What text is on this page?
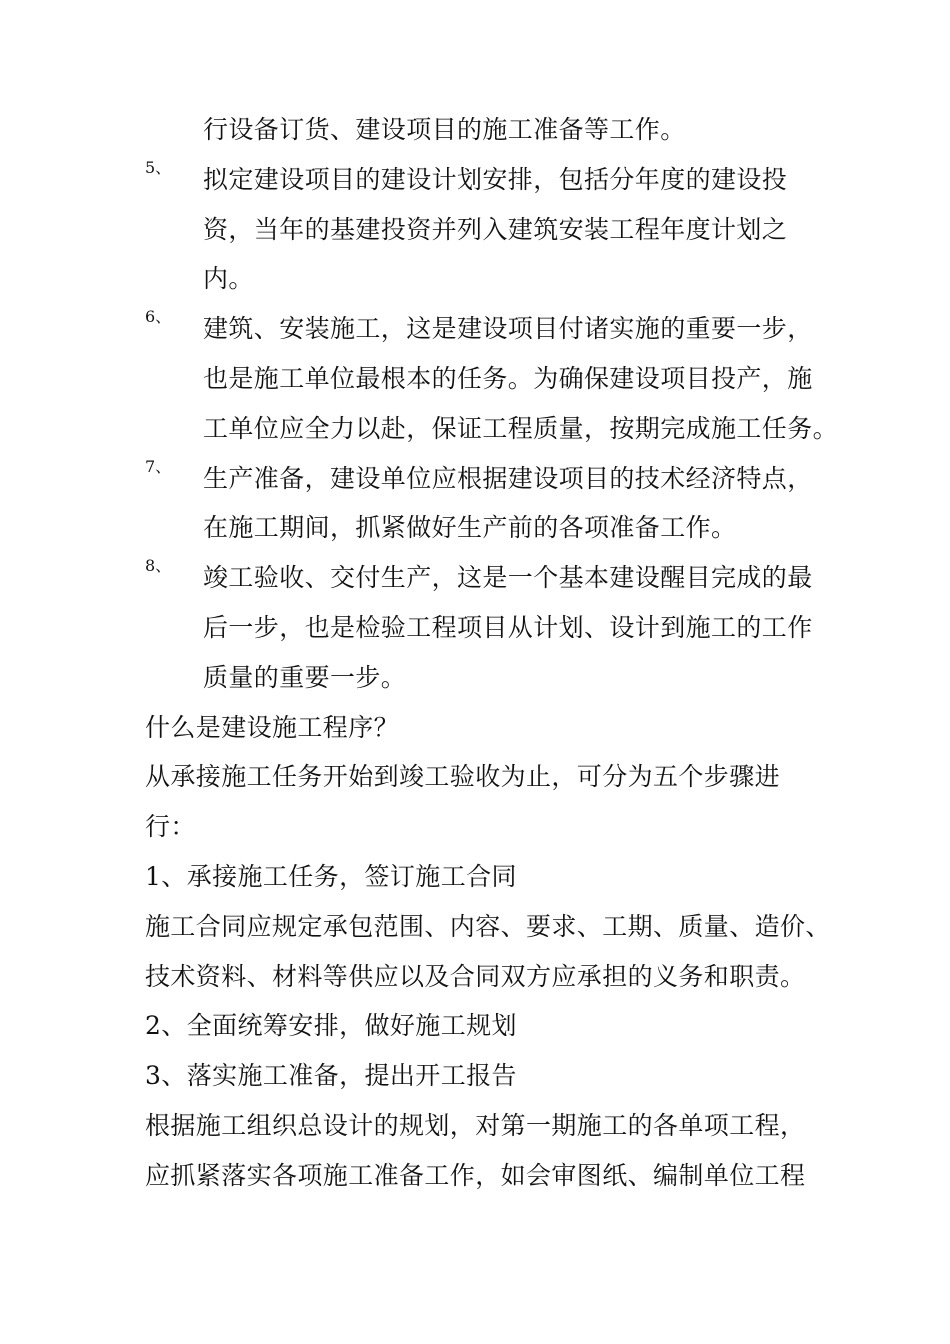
行设备订货、建设项目的施工准备等工作。
5、	拟定建设项目的建设计划安排，包括分年度的建设投
资，当年的基建投资并列入建筑安装工程年度计划之
内。
6、	建筑、安装施工，这是建设项目付诸实施的重要一步，
也是施工单位最根本的任务。为确保建设项目投产，施
工单位应全力以赴，保证工程质量，按期完成施工任务。
7、	生产准备，建设单位应根据建设项目的技术经济特点，
在施工期间，抓紧做好生产前的各项准备工作。
8、	竣工验收、交付生产，这是一个基本建设醒目完成的最
后一步，也是检验工程项目从计划、设计到施工的工作
质量的重要一步。
什么是建设施工程序？
从承接施工任务开始到竣工验收为止，可分为五个步骤进
行：
1、承接施工任务，签订施工合同
施工合同应规定承包范围、内容、要求、工期、质量、造价、
技术资料、材料等供应以及合同双方应承担的义务和职责。
2、全面统筹安排，做好施工规划
3、落实施工准备，提出开工报告
根据施工组织总设计的规划，对第一期施工的各单项工程，
应抓紧落实各项施工准备工作，如会审图纸、编制单位工程
